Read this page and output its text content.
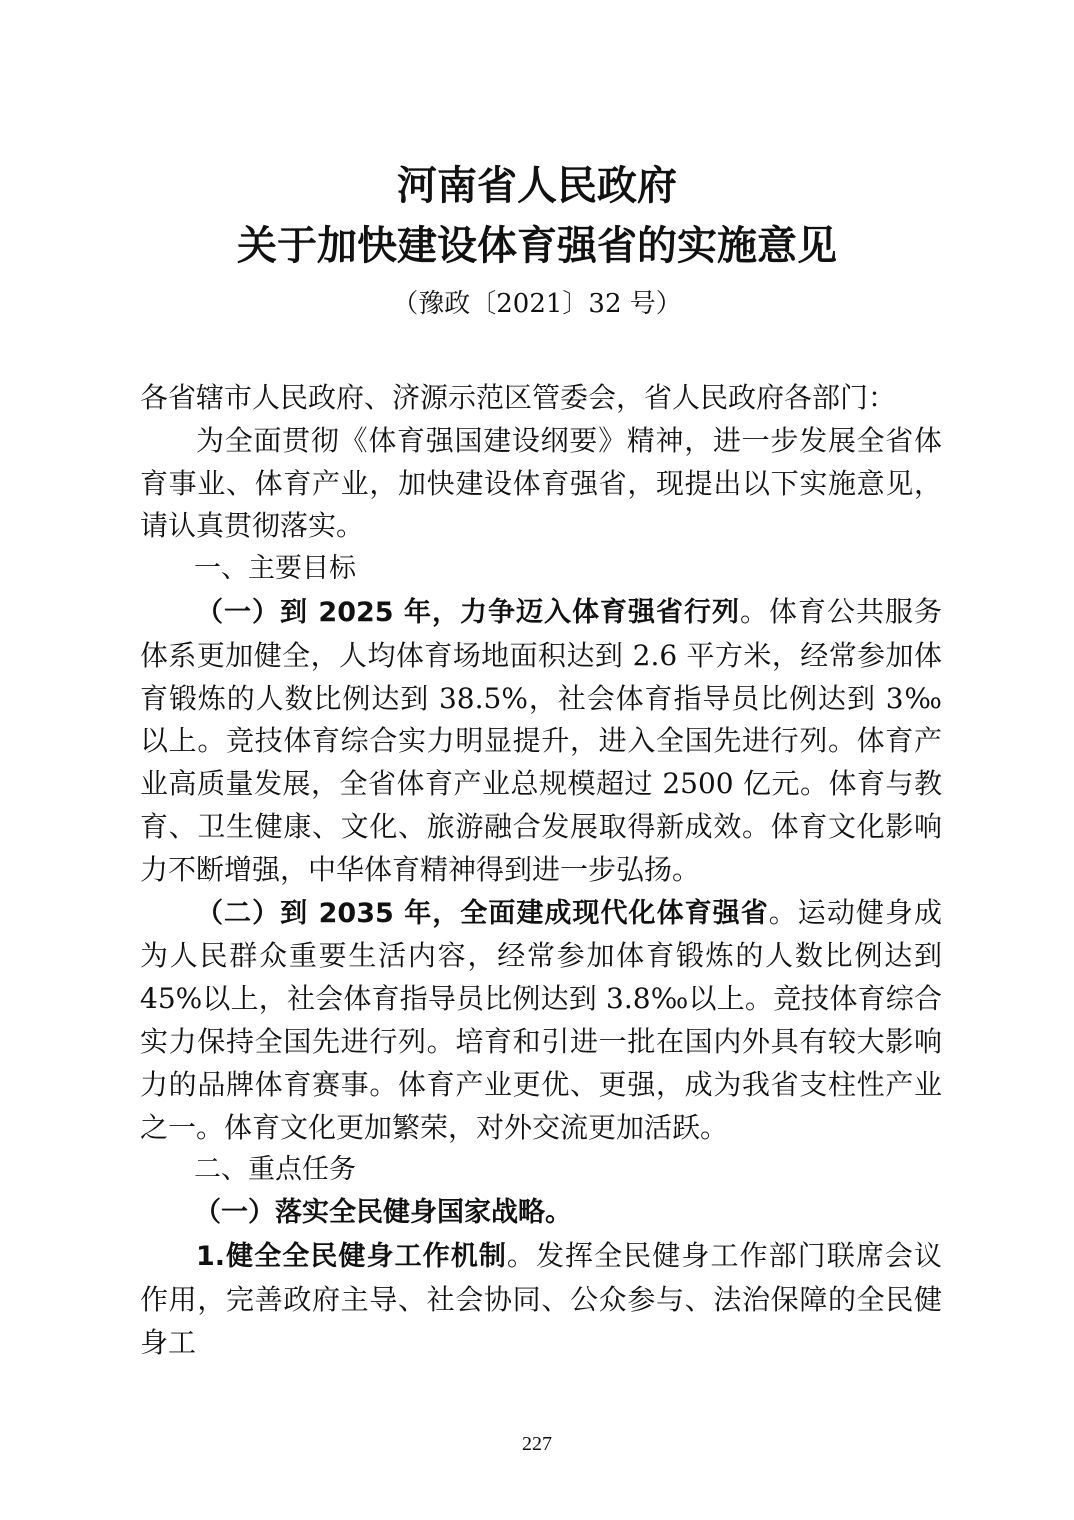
河南省人民政府
关于加快建设体育强省的实施意见
（豫政〔2021〕32 号）

各省辖市人民政府、济源示范区管委会，省人民政府各部门：

为全面贯彻《体育强国建设纲要》精神，进一步发展全省体育事业、体育产业，加快建设体育强省，现提出以下实施意见，请认真贯彻落实。

一、主要目标

（一）到 2025 年，力争迈入体育强省行列。体育公共服务体系更加健全，人均体育场地面积达到 2.6 平方米，经常参加体育锻炼的人数比例达到 38.5%，社会体育指导员比例达到 3‰以上。竞技体育综合实力明显提升，进入全国先进行列。体育产业高质量发展，全省体育产业总规模超过 2500 亿元。体育与教育、卫生健康、文化、旅游融合发展取得新成效。体育文化影响力不断增强，中华体育精神得到进一步弘扬。

（二）到 2035 年，全面建成现代化体育强省。运动健身成为人民群众重要生活内容，经常参加体育锻炼的人数比例达到 45%以上，社会体育指导员比例达到 3.8‰以上。竞技体育综合实力保持全国先进行列。培育和引进一批在国内外具有较大影响力的品牌体育赛事。体育产业更优、更强，成为我省支柱性产业之一。体育文化更加繁荣，对外交流更加活跃。

二、重点任务

（一）落实全民健身国家战略。

1.健全全民健身工作机制。发挥全民健身工作部门联席会议作用，完善政府主导、社会协同、公众参与、法治保障的全民健身工

227
